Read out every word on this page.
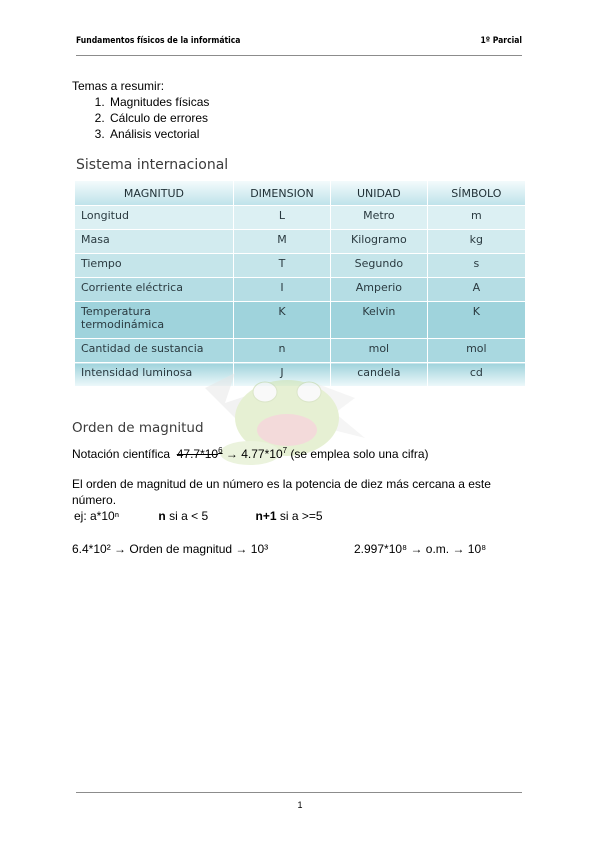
Fundamentos físicos de la informática	1º Parcial
Temas a resumir:
1. Magnitudes físicas
2. Cálculo de errores
3. Análisis vectorial
Sistema internacional
MAGNITUD	DIMENSION	UNIDAD	SÍMBOLO
Longitud	L	Metro	m
Masa	M	Kilogramo	kg
Tiempo	T	Segundo	s
Corriente eléctrica	I	Amperio	A
Temperatura termodinámica	K	Kelvin	K
Cantidad de sustancia	n	mol	mol
Intensidad luminosa	J	candela	cd
Orden de magnitud
Notación científica $47.7*10^6 \to 4.77*10^7$ (se emplea solo una cifra)
El orden de magnitud de un número es la potencia de diez más cercana a este número.
ej: a*10ⁿ	n si a < 5	n+1 si a >=5
6.4*10² → Orden de magnitud → 10³	2.997*10⁸ → o.m. → 10⁸
1
